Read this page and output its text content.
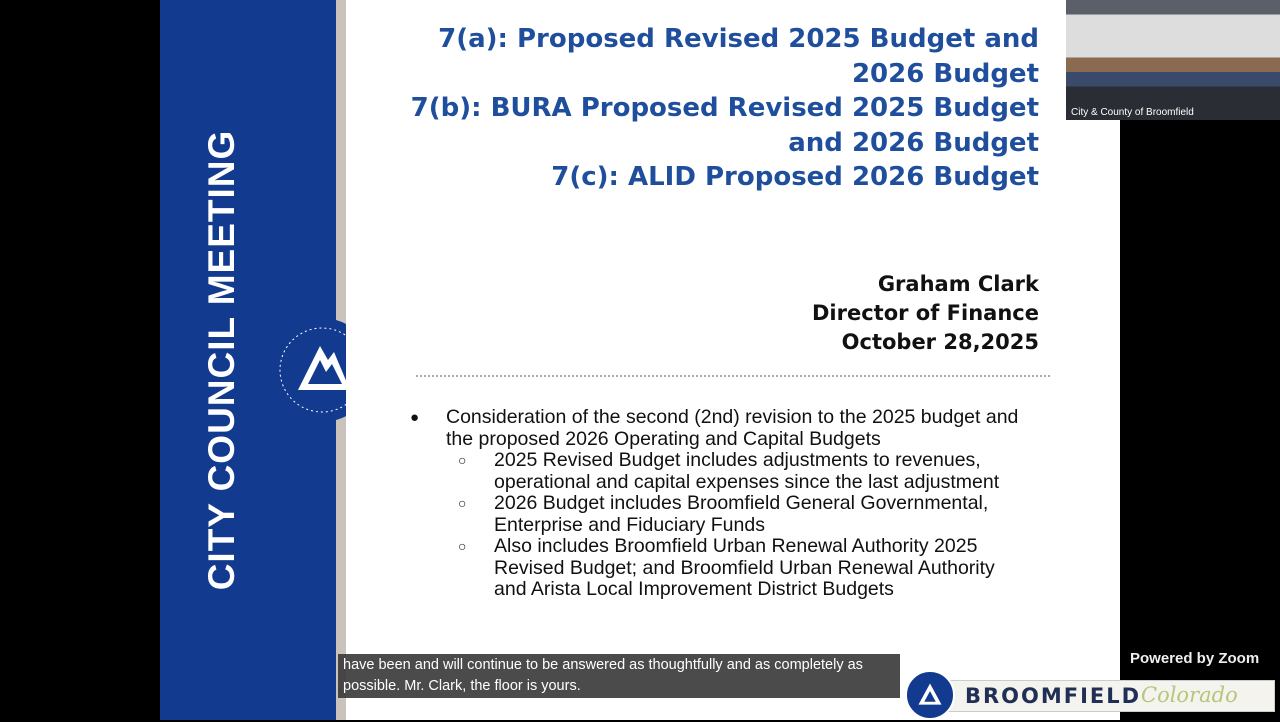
CITY COUNCIL MEETING
7(a): Proposed Revised 2025 Budget and 2026 Budget
7(b): BURA Proposed Revised 2025 Budget and 2026 Budget
7(c): ALID Proposed 2026 Budget
Graham Clark
Director of Finance
October 28,2025
● Consideration of the second (2nd) revision to the 2025 budget and the proposed 2026 Operating and Capital Budgets
○ 2025 Revised Budget includes adjustments to revenues, operational and capital expenses since the last adjustment
○ 2026 Budget includes Broomfield General Governmental, Enterprise and Fiduciary Funds
○ Also includes Broomfield Urban Renewal Authority 2025 Revised Budget; and Broomfield Urban Renewal Authority and Arista Local Improvement District Budgets
City & County of Broomfield
have been and will continue to be answered as thoughtfully and as completely as possible. Mr. Clark, the floor is yours.	BROOMFIELD Colorado
Powered by Zoom
